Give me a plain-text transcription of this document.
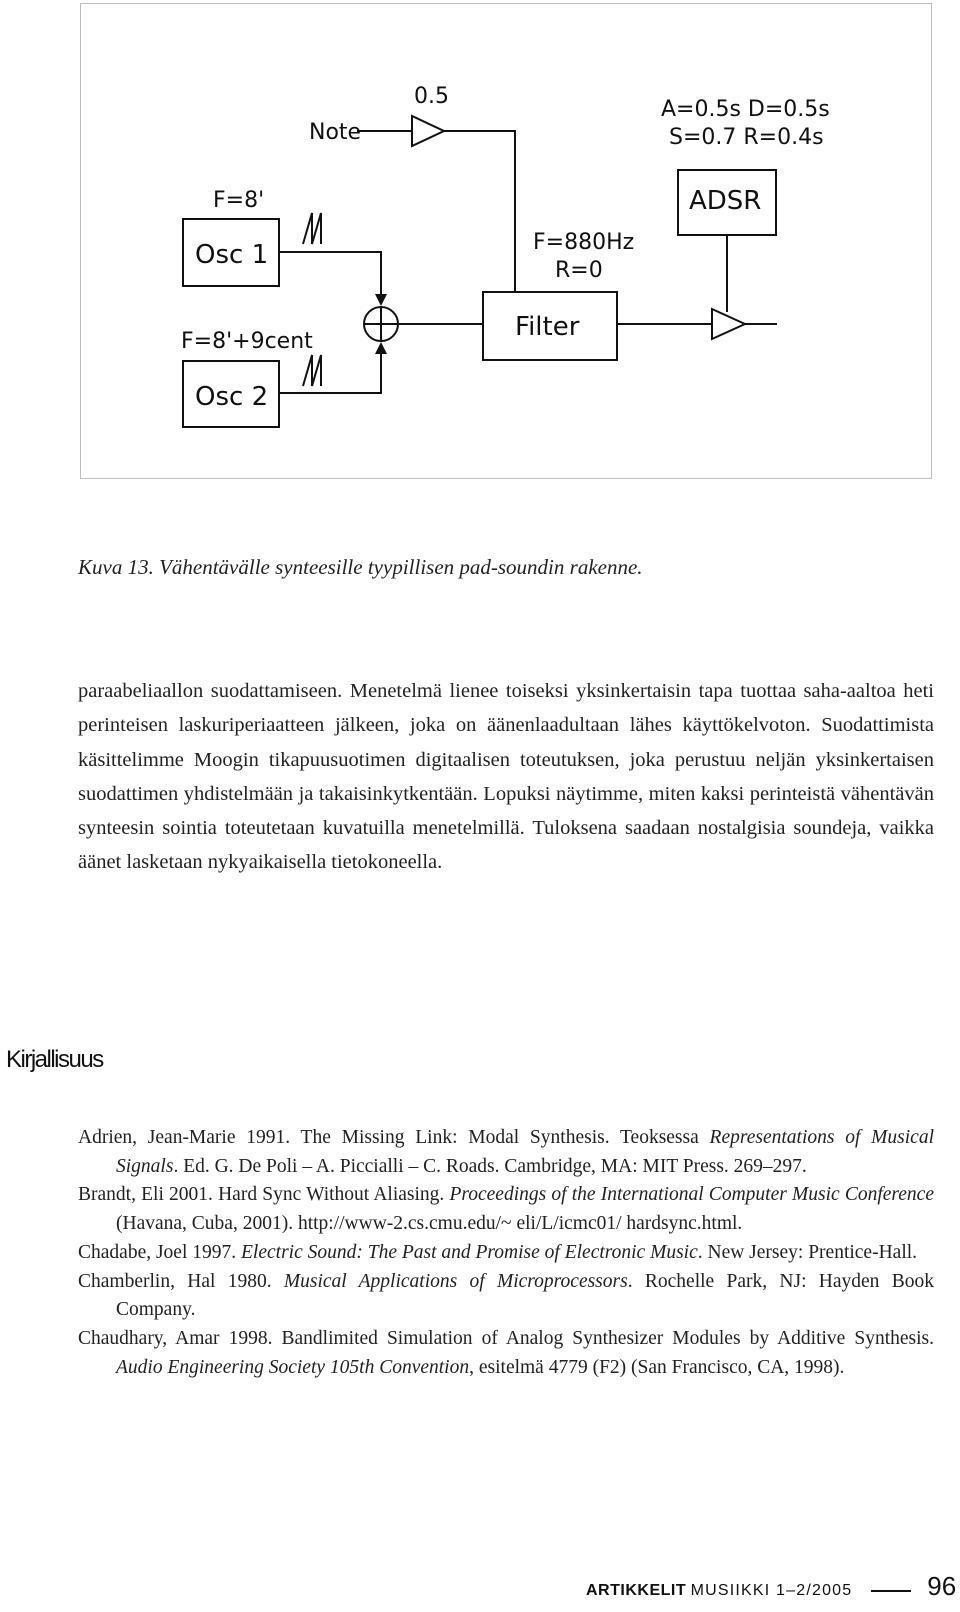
Note
0.5
A=0.5s D=0.5s
S=0.7 R=0.4s
F=8'
F=8'+9cent
F=880Hz
R=0
Osc 1
Osc 2
Filter
ADSR
Kuva 13. Vähentävälle synteesille tyypillisen pad-soundin rakenne.

paraabeliaallon suodattamiseen. Menetelmä lienee toiseksi yksinkertaisin tapa tuottaa saha-aaltoa heti perinteisen laskuriperiaatteen jälkeen, joka on äänenlaadultaan lähes käyttökelvoton. Suodattimista käsittelimme Moogin tikapuusuotimen digitaalisen toteutuksen, joka perustuu neljän yksinkertaisen suodattimen yhdistelmään ja takaisinkytkentään. Lopuksi näytimme, miten kaksi perinteistä vähentävän synteesin sointia toteutetaan kuvatuilla menetelmillä. Tuloksena saadaan nostalgisia soundeja, vaikka äänet lasketaan nykyaikaisella tietokoneella.

Kirjallisuus
Adrien, Jean-Marie 1991. The Missing Link: Modal Synthesis. Teoksessa Representations of Musical Signals. Ed. G. De Poli – A. Piccialli – C. Roads. Cambridge, MA: MIT Press. 269–297.
Brandt, Eli 2001. Hard Sync Without Aliasing. Proceedings of the International Computer Music Conference (Havana, Cuba, 2001). http://www-2.cs.cmu.edu/~ eli/L/icmc01/ hardsync.html.
Chadabe, Joel 1997. Electric Sound: The Past and Promise of Electronic Music. New Jersey: Prentice-Hall.
Chamberlin, Hal 1980. Musical Applications of Microprocessors. Rochelle Park, NJ: Hayden Book Company.
Chaudhary, Amar 1998. Bandlimited Simulation of Analog Synthesizer Modules by Additive Synthesis. Audio Engineering Society 105th Convention, esitelmä 4779 (F2) (San Francisco, CA, 1998).
ARTIKKELIT MUSIIKKI 1–2/2005	96
